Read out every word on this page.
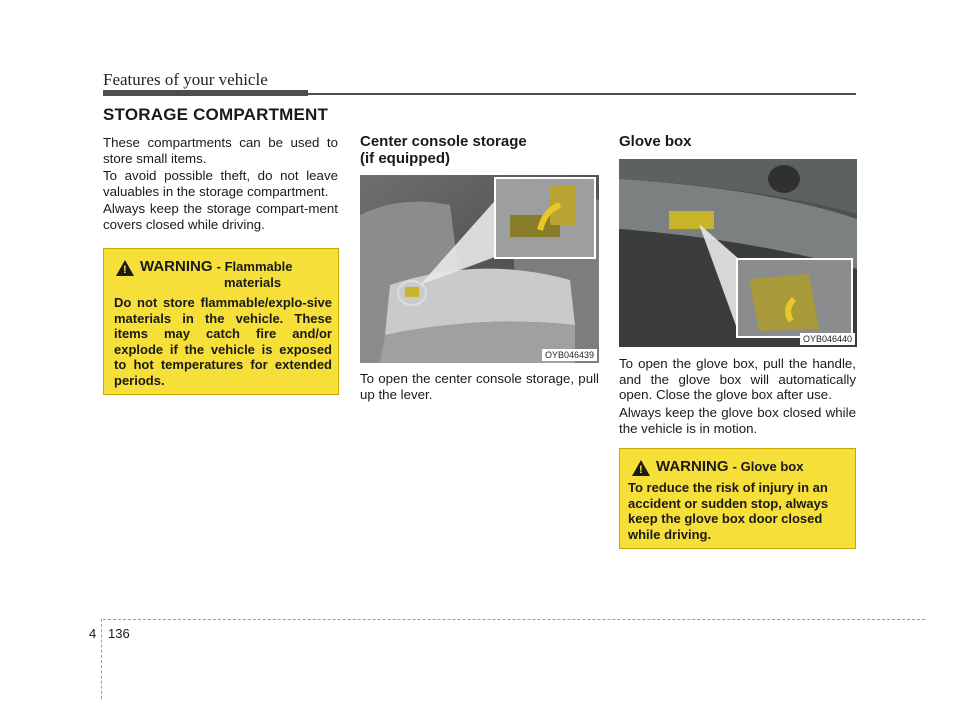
Features of your vehicle
STORAGE COMPARTMENT
These compartments can be used to store small items.
To avoid possible theft, do not leave valuables in the storage compartment.
Always keep the storage compart-ment covers closed while driving.
! WARNING - Flammable
materials
Do not store flammable/explo-sive materials in the vehicle. These items may catch fire and/or explode if the vehicle is exposed to hot temperatures for extended periods.
Center console storage
(if equipped)
OYB046439
To open the center console storage, pull up the lever.
Glove box
OYB046440
To open the glove box, pull the handle, and the glove box will automatically open. Close the glove box after use.
Always keep the glove box closed while the vehicle is in motion.
! WARNING - Glove box
To reduce the risk of injury in an accident or sudden stop, always keep the glove box door closed while driving.
4 136
